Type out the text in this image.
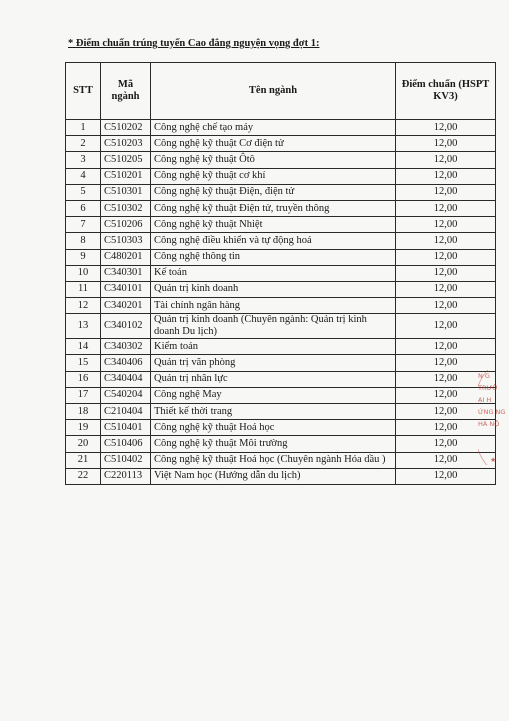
* Điểm chuẩn trúng tuyển Cao đẳng nguyện vọng đợt 1:
STT	Mã ngành	Tên ngành	Điểm chuẩn (HSPT KV3)
1	C510202	Công nghệ chế tạo máy	12,00
2	C510203	Công nghệ kỹ thuật Cơ điện tử	12,00
3	C510205	Công nghệ kỹ thuật Ôtô	12,00
4	C510201	Công nghệ kỹ thuật cơ khí	12,00
5	C510301	Công nghệ kỹ thuật Điện, điện tử	12,00
6	C510302	Công nghệ kỹ thuật Điện tử, truyền thông	12,00
7	C510206	Công nghệ kỹ thuật Nhiệt	12,00
8	C510303	Công nghệ điều khiển và tự động hoá	12,00
9	C480201	Công nghệ thông tin	12,00
10	C340301	Kế toán	12,00
11	C340101	Quản trị kinh doanh	12,00
12	C340201	Tài chính ngân hàng	12,00
13	C340102	Quản trị kinh doanh (Chuyên ngành: Quản trị kinh doanh Du lịch)	12,00
14	C340302	Kiểm toán	12,00
15	C340406	Quản trị văn phòng	12,00
16	C340404	Quản trị nhân lực	12,00
17	C540204	Công nghệ May	12,00
18	C210404	Thiết kế thời trang	12,00
19	C510401	Công nghệ kỹ thuật Hoá học	12,00
20	C510406	Công nghệ kỹ thuật Môi trường	12,00
21	C510402	Công nghệ kỹ thuật Hoá học (Chuyên ngành Hóa dầu )	12,00
22	C220113	Việt Nam học (Hướng dẫn du lịch)	12,00
N G
TRƯỜ
ẠI H
ỨNG NG
HÀ NỘ
★
